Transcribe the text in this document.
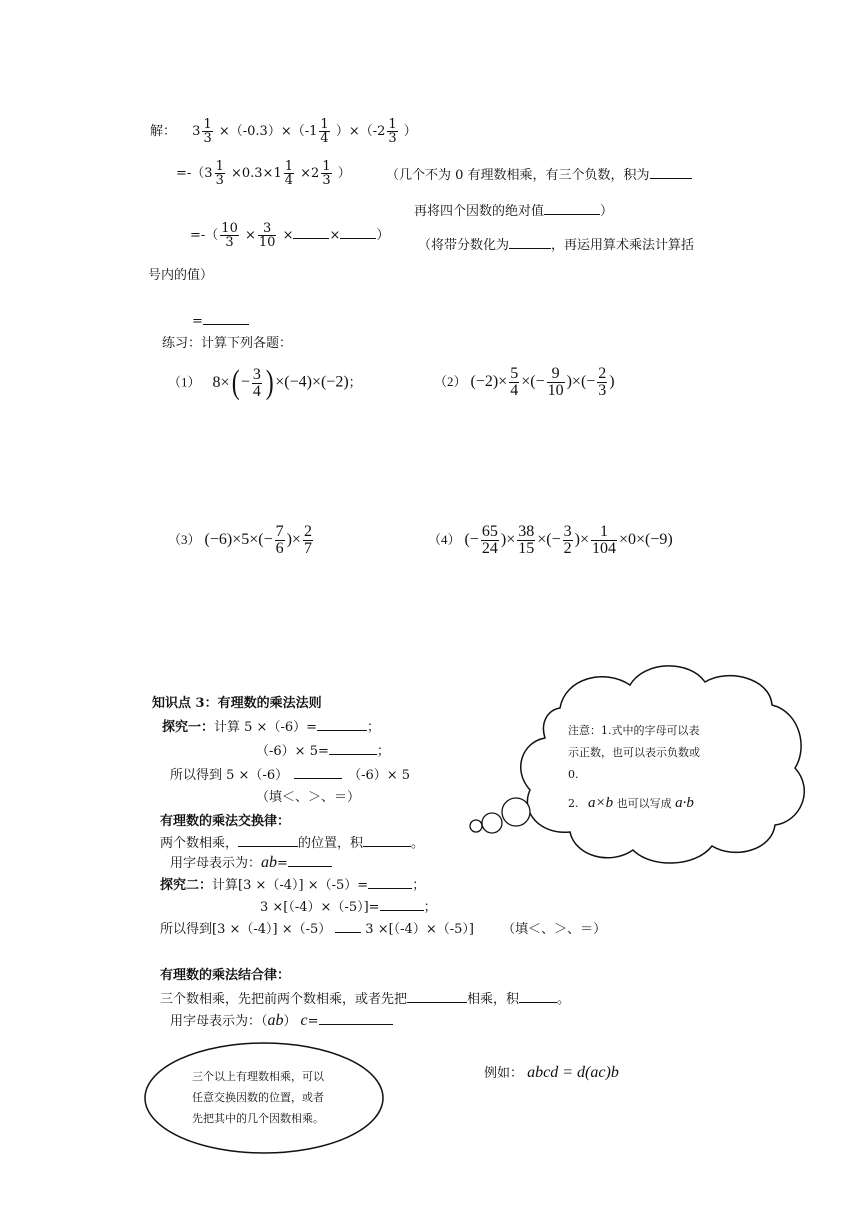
解： $3 \frac{1}{3} \times(-0.3)\times(-1 \frac{1}{4} )\times(-2 \frac{1}{3}$ ）
$=-(3 \frac{1}{3} \times 0.3\times 1 \frac{1}{4} \times 2 \frac{1}{3}$ ）	（几个不为 0 有理数相乘，有三个负数，积为
再将四个因数的绝对值	）
=-（ $\frac{10}{3} \times \frac{3}{10}$ ×	×	）
（将带分数化为	，再运用算术乘法计算括
号内的值）
=
练习：计算下列各题：
（1） $8\times( - \frac{3}{4}$ ) ×(−4)×(−2)；	（2） $(-2)\times \frac{5}{4}$ ×(− $\frac{9}{10}$ )×(− $\frac{2}{3}$ )
（3） $(-6)\times 5\times(- \frac{7}{6}$ )× $\frac{2}{7}$	（4） (− $\frac{65}{24}$ )× $\frac{38}{15}$ ×(− $\frac{3}{2}$ )× $\frac{1}{104} \times 0\times(-9)$
知识点 3：有理数的乘法法则
探究一：计算 5 ×（-6）=	；
（-6）× 5=	；
所以得到 5 ×（-6）	（-6）× 5
（填＜、＞、＝）
有理数的乘法交换律：
两个数相乘，	的位置，积	。
用字母表示为：ab=
探究二：计算[3 ×（-4）] ×（-5）=	；
3 ×[（-4）×（-5）]=	；
所以得到[3 ×（-4）] ×（-5）	3 ×[（-4）×（-5）] （填＜、＞、＝）
有理数的乘法结合律：
三个数相乘，先把前两个数相乘，或者先把	相乘，积	。
用字母表示为：（ab） c=
注意：1.式中的字母可以表
示正数，也可以表示负数或
0.
2. a×b 也可以写成 a·b
三个以上有理数相乘，可以
任意交换因数的位置，或者
先把其中的几个因数相乘。
例如： abcd = d(ac)b
